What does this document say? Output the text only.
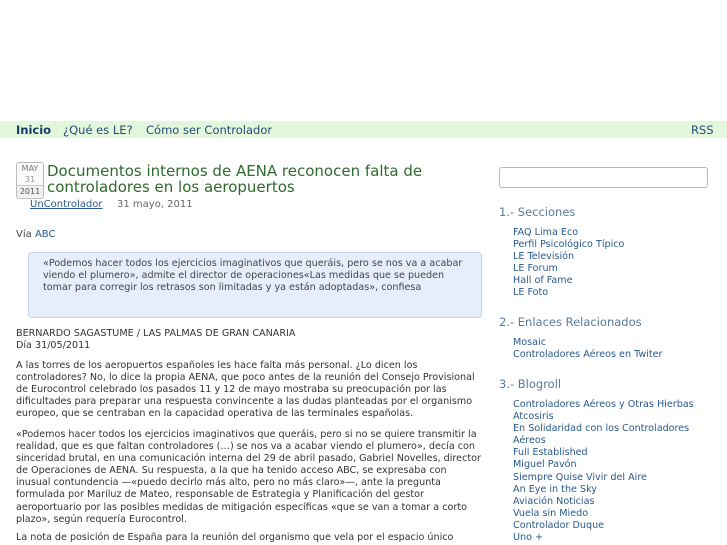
Inicio ¿Qué es LE? Cómo ser Controlador	RSS
MAY
31
2011
Documentos internos de AENA reconocen falta de controladores en los aeropuertos
UnControlador 31 mayo, 2011
Vía ABC
«Podemos hacer todos los ejercicios imaginativos que queráis, pero se nos va a acabar viendo el plumero», admite el director de operaciones«Las medidas que se pueden tomar para corregir los retrasos son limitadas y ya están adoptadas», confiesa

BERNARDO SAGASTUME / LAS PALMAS DE GRAN CANARIA
Día 31/05/2011

A las torres de los aeropuertos españoles les hace falta más personal. ¿Lo dicen los controladores? No, lo dice la propia AENA, que poco antes de la reunión del Consejo Provisional de Eurocontrol celebrado los pasados 11 y 12 de mayo mostraba su preocupación por las dificultades para preparar una respuesta convincente a las dudas planteadas por el organismo europeo, que se centraban en la capacidad operativa de las terminales españolas.

«Podemos hacer todos los ejercicios imaginativos que queráis, pero si no se quiere transmitir la realidad, que es que faltan controladores (…) se nos va a acabar viendo el plumero», decía con sinceridad brutal, en una comunicación interna del 29 de abril pasado, Gabriel Novelles, director de Operaciones de AENA. Su respuesta, a la que ha tenido acceso ABC, se expresaba con inusual contundencia —«puedo decirlo más alto, pero no más claro»—, ante la pregunta formulada por Mariluz de Mateo, responsable de Estrategia y Planificación del gestor aeroportuario por las posibles medidas de mitigación específicas «que se van a tomar a corto plazo», según requería Eurocontrol.

La nota de posición de España para la reunión del organismo que vela por el espacio único

1.- Secciones
FAQ Lima Eco
Perfil Psicológico Típico
LE Televisión
LE Forum
Hall of Fame
LE Foto
2.- Enlaces Relacionados
Mosaic
Controladores Aéreos en Twiter
3.- Blogroll
Controladores Aéreos y Otras Hierbas
Atcosiris
En Solidaridad con los Controladores Aéreos
Full Established
Miguel Pavón
Siempre Quise Vivir del Aire
An Eye in the Sky
Aviación Noticias
Vuela sin Miedo
Controlador Duque
Uno +
